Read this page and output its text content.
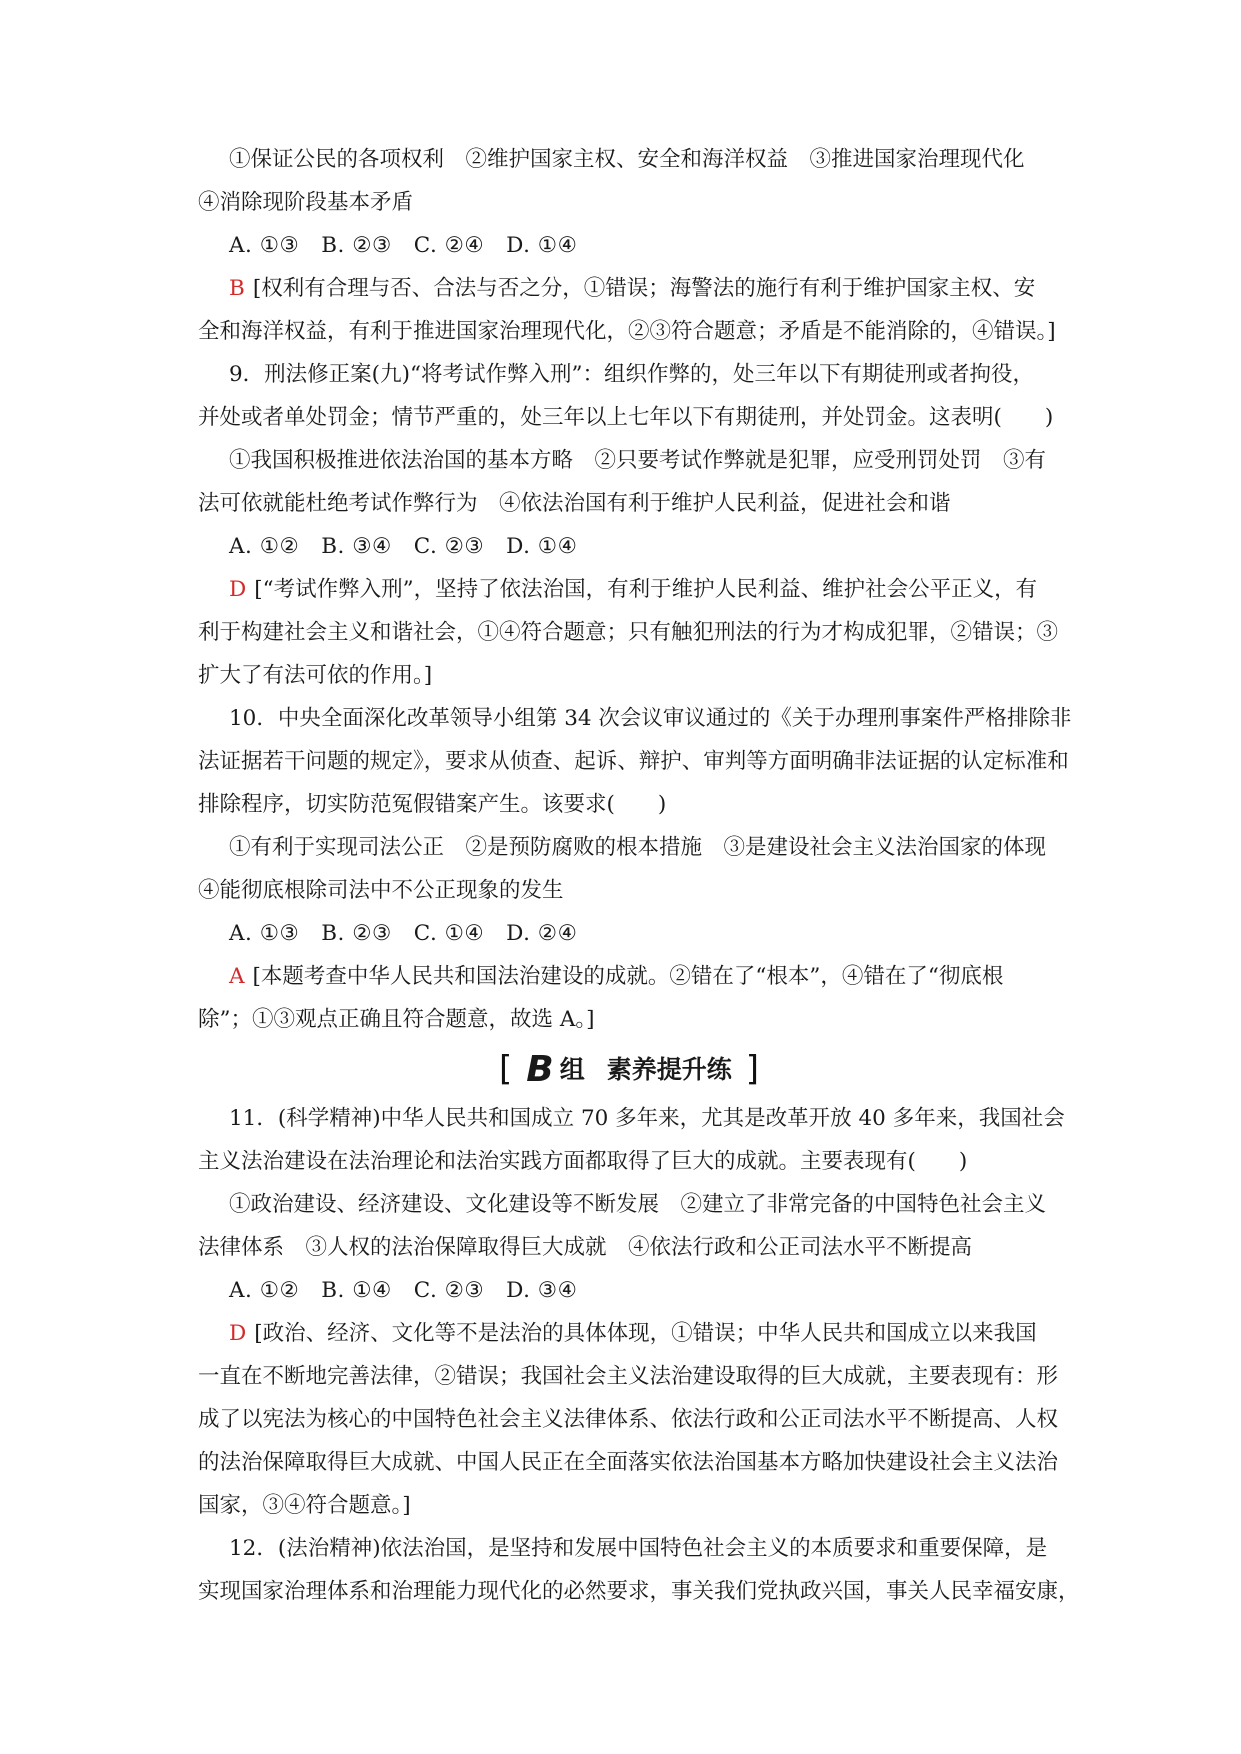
①保证公民的各项权利　②维护国家主权、安全和海洋权益　③推进国家治理现代化
④消除现阶段基本矛盾
A. ①③　B. ②③　C. ②④　D. ①④
B [权利有合理与否、合法与否之分，①错误；海警法的施行有利于维护国家主权、安
全和海洋权益，有利于推进国家治理现代化，②③符合题意；矛盾是不能消除的，④错误。]
9．刑法修正案(九)“将考试作弊入刑”：组织作弊的，处三年以下有期徒刑或者拘役，
并处或者单处罚金；情节严重的，处三年以上七年以下有期徒刑，并处罚金。这表明(　　)
①我国积极推进依法治国的基本方略　②只要考试作弊就是犯罪，应受刑罚处罚　③有
法可依就能杜绝考试作弊行为　④依法治国有利于维护人民利益，促进社会和谐
A. ①②　B. ③④　C. ②③　D. ①④
D [“考试作弊入刑”，坚持了依法治国，有利于维护人民利益、维护社会公平正义，有
利于构建社会主义和谐社会，①④符合题意；只有触犯刑法的行为才构成犯罪，②错误；③
扩大了有法可依的作用。]
10．中央全面深化改革领导小组第 34 次会议审议通过的《关于办理刑事案件严格排除非
法证据若干问题的规定》，要求从侦查、起诉、辩护、审判等方面明确非法证据的认定标准和
排除程序，切实防范冤假错案产生。该要求(　　)
①有利于实现司法公正　②是预防腐败的根本措施　③是建设社会主义法治国家的体现
④能彻底根除司法中不公正现象的发生
A. ①③　B. ②③　C. ①④　D. ②④
A [本题考查中华人民共和国法治建设的成就。②错在了“根本”，④错在了“彻底根
除”；①③观点正确且符合题意，故选 A。]
[ B 组 素养提升练 ]
11．(科学精神)中华人民共和国成立 70 多年来，尤其是改革开放 40 多年来，我国社会
主义法治建设在法治理论和法治实践方面都取得了巨大的成就。主要表现有(　　)
①政治建设、经济建设、文化建设等不断发展　②建立了非常完备的中国特色社会主义
法律体系　③人权的法治保障取得巨大成就　④依法行政和公正司法水平不断提高
A. ①②　B. ①④　C. ②③　D. ③④
D [政治、经济、文化等不是法治的具体体现，①错误；中华人民共和国成立以来我国
一直在不断地完善法律，②错误；我国社会主义法治建设取得的巨大成就，主要表现有：形
成了以宪法为核心的中国特色社会主义法律体系、依法行政和公正司法水平不断提高、人权
的法治保障取得巨大成就、中国人民正在全面落实依法治国基本方略加快建设社会主义法治
国家，③④符合题意。]
12．(法治精神)依法治国，是坚持和发展中国特色社会主义的本质要求和重要保障，是
实现国家治理体系和治理能力现代化的必然要求，事关我们党执政兴国，事关人民幸福安康，
